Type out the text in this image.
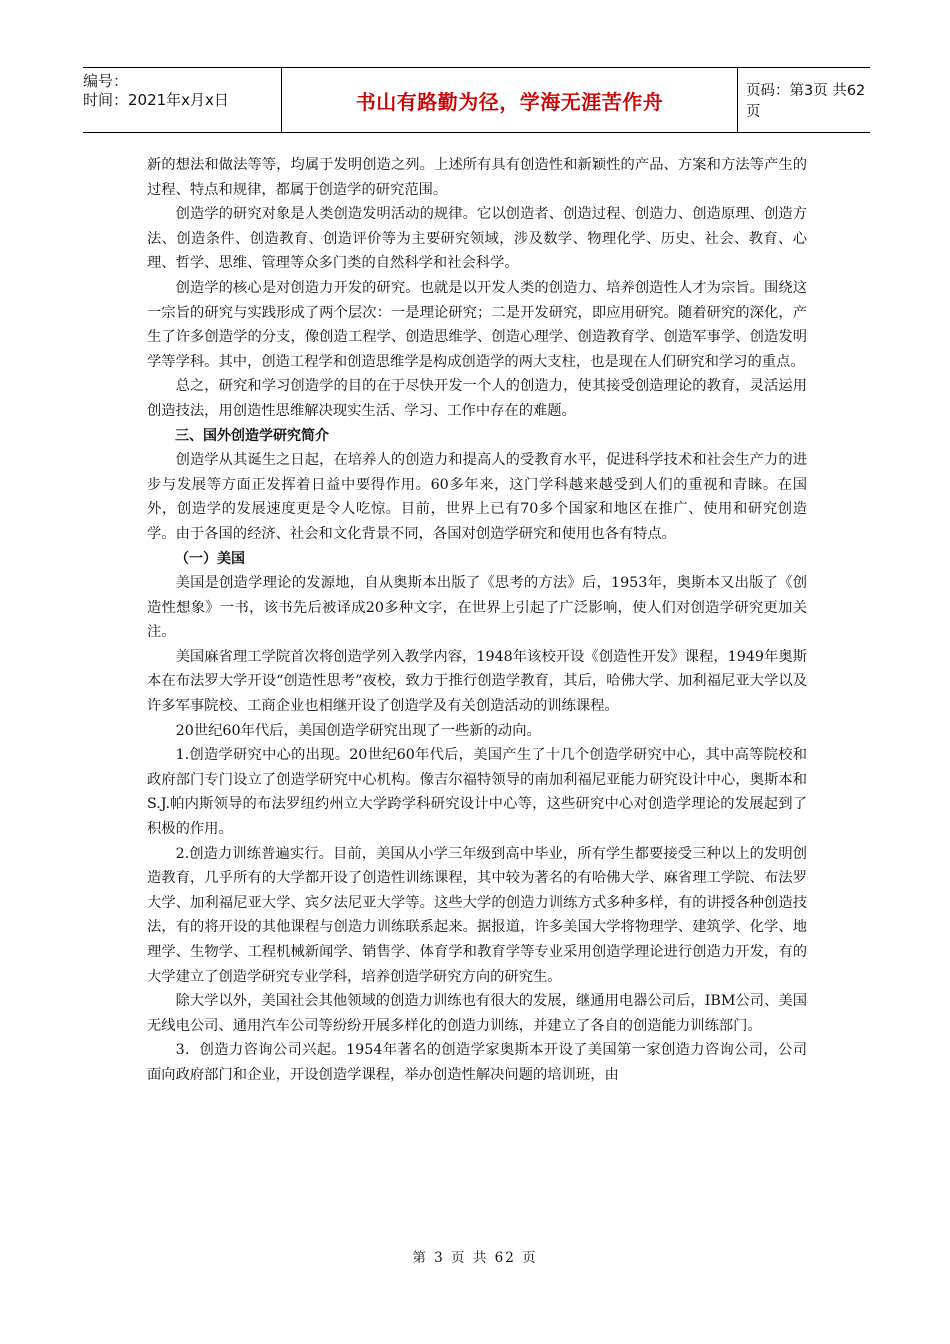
编号：
时间：2021年x月x日	书山有路勤为径，学海无涯苦作舟	页码：第3页 共62页

新的想法和做法等等，均属于发明创造之列。上述所有具有创造性和新颖性的产品、方案和方法等产生的过程、特点和规律，都属于创造学的研究范围。

创造学的研究对象是人类创造发明活动的规律。它以创造者、创造过程、创造力、创造原理、创造方法、创造条件、创造教育、创造评价等为主要研究领域，涉及数学、物理化学、历史、社会、教育、心理、哲学、思维、管理等众多门类的自然科学和社会科学。

创造学的核心是对创造力开发的研究。也就是以开发人类的创造力、培养创造性人才为宗旨。围绕这一宗旨的研究与实践形成了两个层次：一是理论研究；二是开发研究，即应用研究。随着研究的深化，产生了许多创造学的分支，像创造工程学、创造思维学、创造心理学、创造教育学、创造军事学、创造发明学等学科。其中，创造工程学和创造思维学是构成创造学的两大支柱，也是现在人们研究和学习的重点。

总之，研究和学习创造学的目的在于尽快开发一个人的创造力，使其接受创造理论的教育，灵活运用创造技法，用创造性思维解决现实生活、学习、工作中存在的难题。

三、国外创造学研究简介

创造学从其诞生之日起，在培养人的创造力和提高人的受教育水平，促进科学技术和社会生产力的进步与发展等方面正发挥着日益中要得作用。60多年来，这门学科越来越受到人们的重视和青睐。在国外，创造学的发展速度更是令人吃惊。目前，世界上已有70多个国家和地区在推广、使用和研究创造学。由于各国的经济、社会和文化背景不同，各国对创造学研究和使用也各有特点。

（一）美国

美国是创造学理论的发源地，自从奥斯本出版了《思考的方法》后，1953年，奥斯本又出版了《创造性想象》一书，该书先后被译成20多种文字，在世界上引起了广泛影响，使人们对创造学研究更加关注。

美国麻省理工学院首次将创造学列入教学内容，1948年该校开设《创造性开发》课程，1949年奥斯本在布法罗大学开设“创造性思考”夜校，致力于推行创造学教育，其后，哈佛大学、加利福尼亚大学以及许多军事院校、工商企业也相继开设了创造学及有关创造活动的训练课程。

20世纪60年代后，美国创造学研究出现了一些新的动向。

1.创造学研究中心的出现。20世纪60年代后，美国产生了十几个创造学研究中心，其中高等院校和政府部门专门设立了创造学研究中心机构。像吉尔福特领导的南加利福尼亚能力研究设计中心，奥斯本和S.J.帕内斯领导的布法罗纽约州立大学跨学科研究设计中心等，这些研究中心对创造学理论的发展起到了积极的作用。

2.创造力训练普遍实行。目前，美国从小学三年级到高中毕业，所有学生都要接受三种以上的发明创造教育，几乎所有的大学都开设了创造性训练课程，其中较为著名的有哈佛大学、麻省理工学院、布法罗大学、加利福尼亚大学、宾夕法尼亚大学等。这些大学的创造力训练方式多种多样，有的讲授各种创造技法，有的将开设的其他课程与创造力训练联系起来。据报道，许多美国大学将物理学、建筑学、化学、地理学、生物学、工程机械新闻学、销售学、体育学和教育学等专业采用创造学理论进行创造力开发，有的大学建立了创造学研究专业学科，培养创造学研究方向的研究生。

除大学以外，美国社会其他领域的创造力训练也有很大的发展，继通用电器公司后，IBM公司、美国无线电公司、通用汽车公司等纷纷开展多样化的创造力训练，并建立了各自的创造能力训练部门。

3．创造力咨询公司兴起。1954年著名的创造学家奥斯本开设了美国第一家创造力咨询公司，公司面向政府部门和企业，开设创造学课程，举办创造性解决问题的培训班，由

第 3 页 共 62 页
